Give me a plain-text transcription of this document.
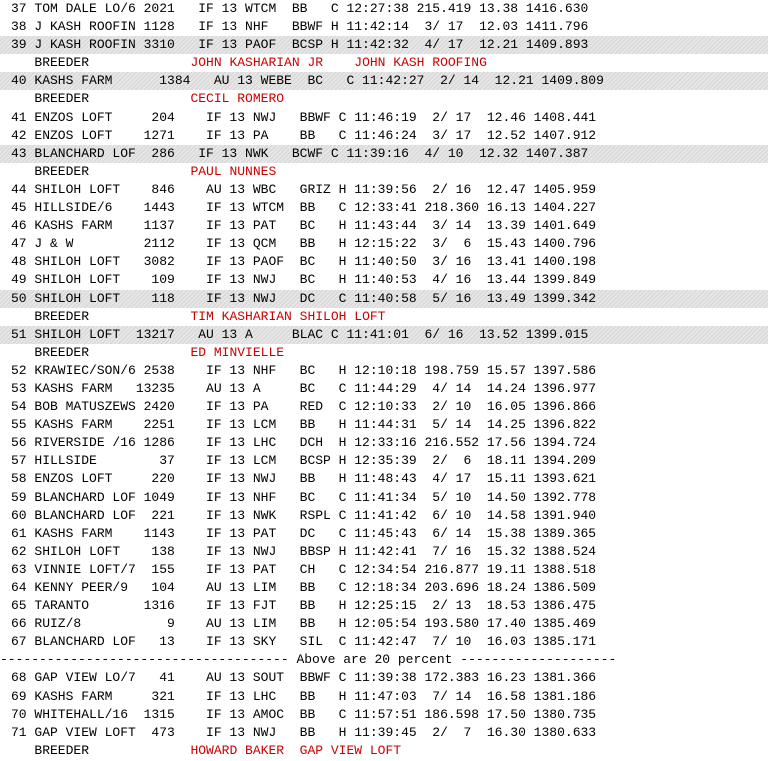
37 TOM DALE LO/6 2021   IF 13 WTCM  BB   C 12:27:38 215.419 13.38 1416.630
38 J KASH ROOFIN 1128   IF 13 NHF   BBWF H 11:42:14  3/ 17  12.03 1411.796
39 J KASH ROOFIN 3310   IF 13 PAOF  BCSP H 11:42:32  4/ 17  12.21 1409.893
BREEDER	JOHN KASHARIAN JR    JOHN KASH ROOFING
40 KASHS FARM      1384   AU 13 WEBE  BC   C 11:42:27  2/ 14  12.21 1409.809
BREEDER	CECIL ROMERO
41 ENZOS LOFT     204    IF 13 NWJ   BBWF C 11:46:19  2/ 17  12.46 1408.441
42 ENZOS LOFT    1271    IF 13 PA    BB   C 11:46:24  3/ 17  12.52 1407.912
43 BLANCHARD LOF  286   IF 13 NWK   BCWF C 11:39:16  4/ 10  12.32 1407.387
BREEDER	PAUL NUNNES
44 SHILOH LOFT    846    AU 13 WBC   GRIZ H 11:39:56  2/ 16  12.47 1405.959
45 HILLSIDE/6    1443    IF 13 WTCM  BB   C 12:33:41 218.360 16.13 1404.227
46 KASHS FARM    1137    IF 13 PAT   BC   H 11:43:44  3/ 14  13.39 1401.649
47 J & W         2112    IF 13 QCM   BB   H 12:15:22  3/  6  15.43 1400.796
48 SHILOH LOFT   3082    IF 13 PAOF  BC   H 11:40:50  3/ 16  13.41 1400.198
49 SHILOH LOFT    109    IF 13 NWJ   BC   H 11:40:53  4/ 16  13.44 1399.849
50 SHILOH LOFT    118    IF 13 NWJ   DC   C 11:40:58  5/ 16  13.49 1399.342
BREEDER	TIM KASHARIAN SHILOH LOFT
51 SHILOH LOFT  13217   AU 13 A     BLAC C 11:41:01  6/ 16  13.52 1399.015
BREEDER	ED MINVIELLE
52 KRAWIEC/SON/6 2538    IF 13 NHF   BC   H 12:10:18 198.759 15.57 1397.586
53 KASHS FARM   13235    AU 13 A     BC   C 11:44:29  4/ 14  14.24 1396.977
54 BOB MATUSZEWS 2420    IF 13 PA    RED  C 12:10:33  2/ 10  16.05 1396.866
55 KASHS FARM    2251    IF 13 LCM   BB   H 11:44:31  5/ 14  14.25 1396.822
56 RIVERSIDE /16 1286    IF 13 LHC   DCH  H 12:33:16 216.552 17.56 1394.724
57 HILLSIDE        37    IF 13 LCM   BCSP H 12:35:39  2/  6  18.11 1394.209
58 ENZOS LOFT     220    IF 13 NWJ   BB   H 11:48:43  4/ 17  15.11 1393.621
59 BLANCHARD LOF 1049    IF 13 NHF   BC   C 11:41:34  5/ 10  14.50 1392.778
60 BLANCHARD LOF  221    IF 13 NWK   RSPL C 11:41:42  6/ 10  14.58 1391.940
61 KASHS FARM    1143    IF 13 PAT   DC   C 11:45:43  6/ 14  15.38 1389.365
62 SHILOH LOFT    138    IF 13 NWJ   BBSP H 11:42:41  7/ 16  15.32 1388.524
63 VINNIE LOFT/7  155    IF 13 PAT   CH   C 12:34:54 216.877 19.11 1388.518
64 KENNY PEER/9   104    AU 13 LIM   BB   C 12:18:34 203.696 18.24 1386.509
65 TARANTO       1316    IF 13 FJT   BB   H 12:25:15  2/ 13  18.53 1386.475
66 RUIZ/8           9    AU 13 LIM   BB   H 12:05:54 193.580 17.40 1385.469
67 BLANCHARD LOF   13    IF 13 SKY   SIL  C 11:42:47  7/ 10  16.03 1385.171
------------------------------------- Above are 20 percent --------------------
68 GAP VIEW LO/7   41    AU 13 SOUT  BBWF C 11:39:38 172.383 16.23 1381.366
69 KASHS FARM     321    IF 13 LHC   BB   H 11:47:03  7/ 14  16.58 1381.186
70 WHITEHALL/16  1315    IF 13 AMOC  BB   C 11:57:51 186.598 17.50 1380.735
71 GAP VIEW LOFT  473    IF 13 NWJ   BB   H 11:39:45  2/  7  16.30 1380.633
BREEDER	HOWARD BAKER  GAP VIEW LOFT
